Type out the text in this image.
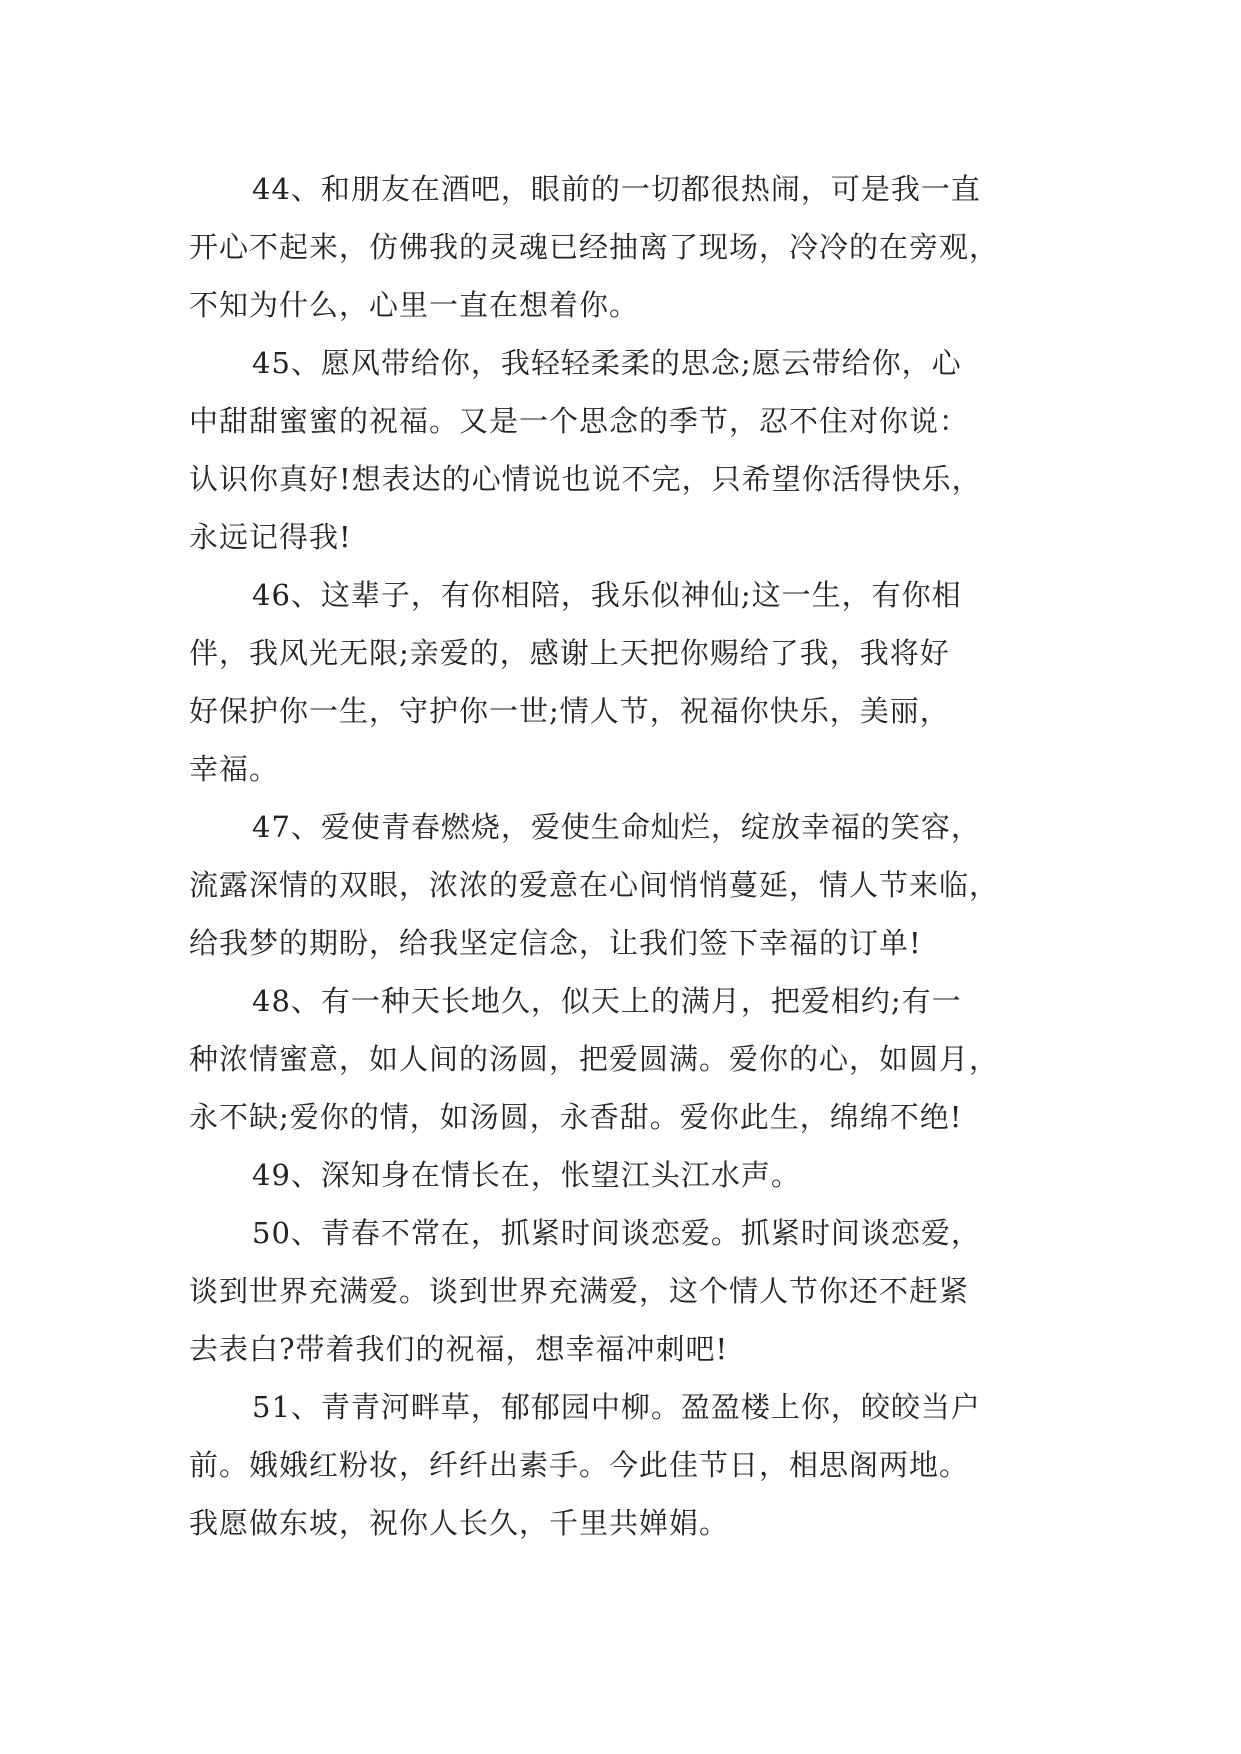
44、和朋友在酒吧，眼前的一切都很热闹，可是我一直
开心不起来，仿佛我的灵魂已经抽离了现场，冷冷的在旁观，
不知为什么，心里一直在想着你。
45、愿风带给你，我轻轻柔柔的思念;愿云带给你，心
中甜甜蜜蜜的祝福。又是一个思念的季节，忍不住对你说：
认识你真好!想表达的心情说也说不完，只希望你活得快乐，
永远记得我!
46、这辈子，有你相陪，我乐似神仙;这一生，有你相
伴，我风光无限;亲爱的，感谢上天把你赐给了我，我将好
好保护你一生，守护你一世;情人节，祝福你快乐，美丽，
幸福。
47、爱使青春燃烧，爱使生命灿烂，绽放幸福的笑容，
流露深情的双眼，浓浓的爱意在心间悄悄蔓延，情人节来临，
给我梦的期盼，给我坚定信念，让我们签下幸福的订单!
48、有一种天长地久，似天上的满月，把爱相约;有一
种浓情蜜意，如人间的汤圆，把爱圆满。爱你的心，如圆月，
永不缺;爱你的情，如汤圆，永香甜。爱你此生，绵绵不绝!
49、深知身在情长在，怅望江头江水声。
50、青春不常在，抓紧时间谈恋爱。抓紧时间谈恋爱，
谈到世界充满爱。谈到世界充满爱，这个情人节你还不赶紧
去表白?带着我们的祝福，想幸福冲刺吧!
51、青青河畔草，郁郁园中柳。盈盈楼上你，皎皎当户
前。娥娥红粉妆，纤纤出素手。今此佳节日，相思阁两地。
我愿做东坡，祝你人长久，千里共婵娟。
